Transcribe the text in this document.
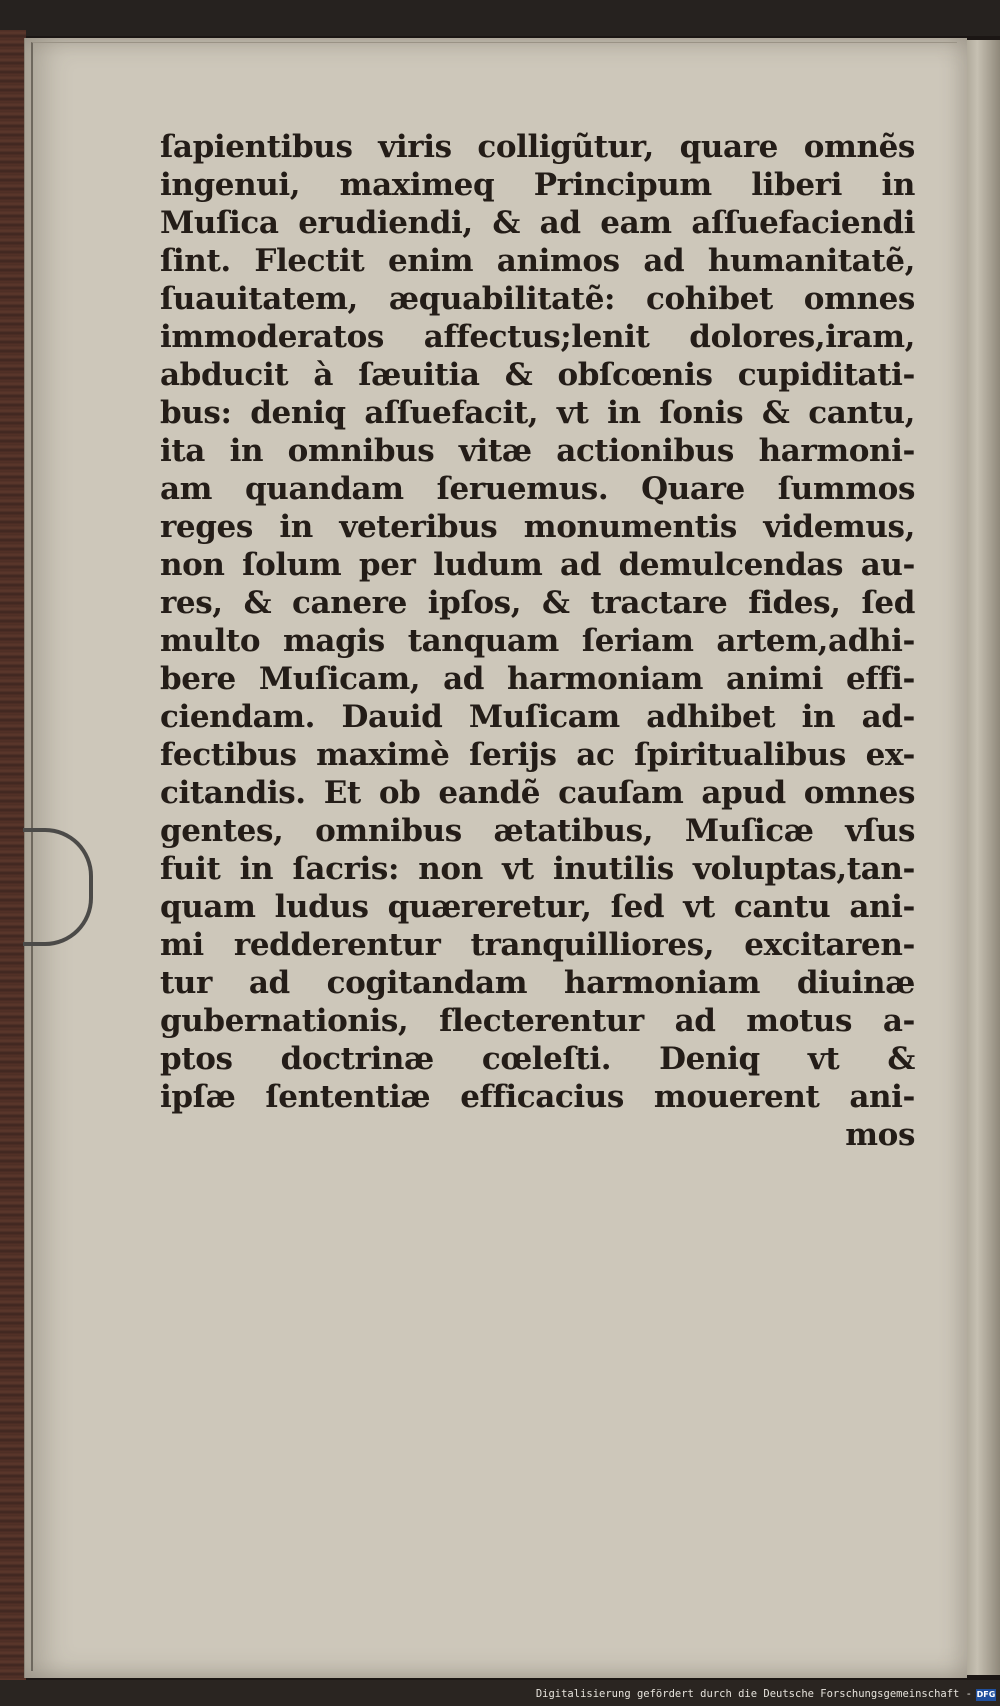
ſapientibus viris colligũtur, quare omnẽs
ingenui, maximeq̧ Principum liberi in
Muſica erudiendi, & ad eam aſſuefaciendi
ſint. Flectit enim animos ad humanitatẽ,
ſuauitatem, æquabilitatẽ: cohibet omnes
immoderatos affectus;lenit dolores,iram,
abducit à ſæuitia & obſcœnis cupiditati-
bus: deniq̧ aſſuefacit, vt in ſonis & cantu,
ita in omnibus vitæ actionibus harmoni-
am quandam ſeruemus. Quare ſummos
reges in veteribus monumentis videmus,
non ſolum per ludum ad demulcendas au-
res, & canere ipſos, & tractare fides, ſed
multo magis tanquam ſeriam artem,adhi-
bere Muſicam, ad harmoniam animi effi-
ciendam. Dauid Muſicam adhibet in ad-
fectibus maximè ſerijs ac ſpiritualibus ex-
citandis. Et ob eandẽ cauſam apud omnes
gentes, omnibus ætatibus, Muſicæ vſus
fuit in ſacris: non vt inutilis voluptas,tan-
quam ludus quæreretur, ſed vt cantu ani-
mi redderentur tranquilliores, excitaren-
tur ad cogitandam harmoniam diuinæ
gubernationis, flecterentur ad motus a-
ptos doctrinæ cœleſti. Deniq̧ vt &
ipſæ ſententiæ efficacius mouerent ani-
mos
Digitalisierung gefördert durch die Deutsche Forschungsgemeinschaft - DFG
